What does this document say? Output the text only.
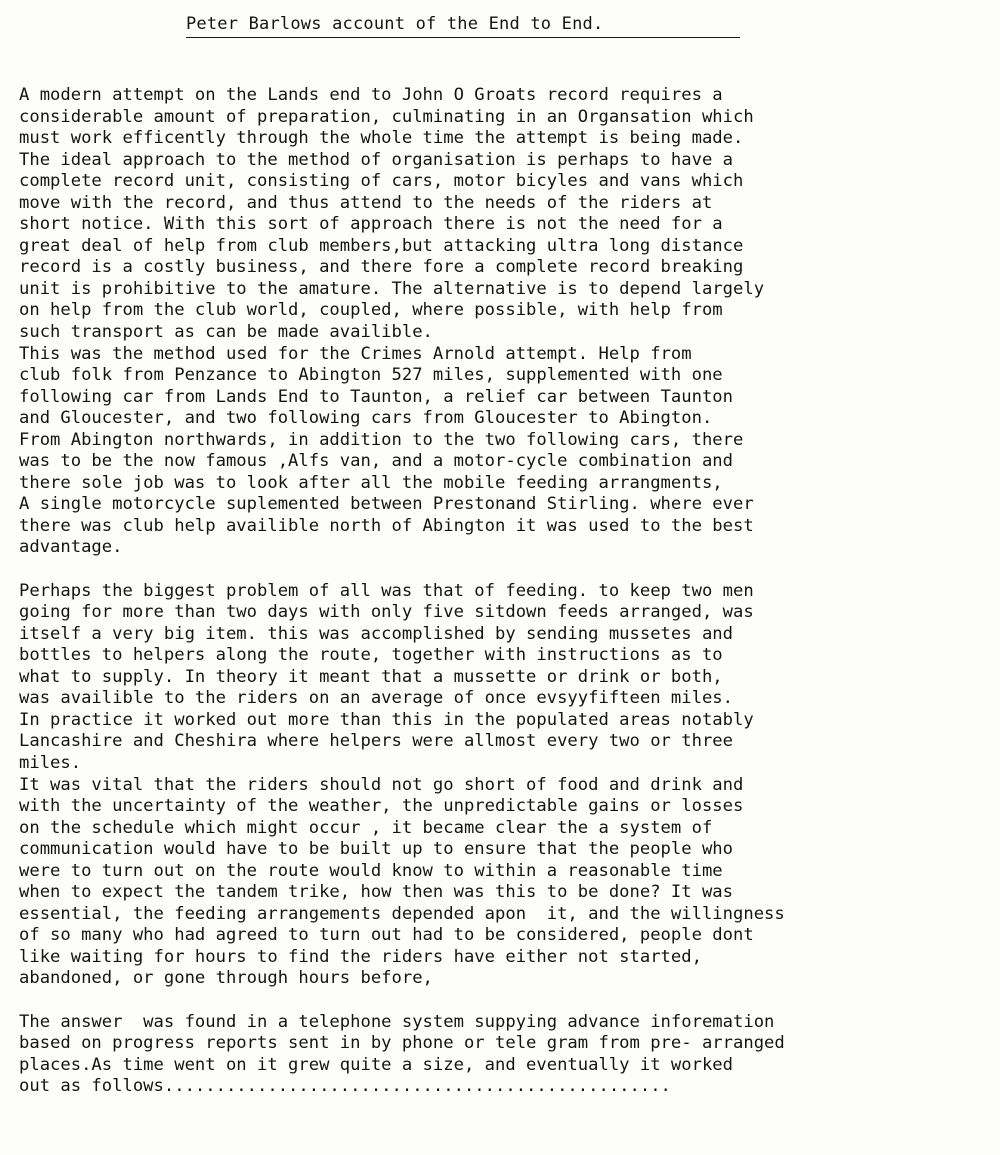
Peter Barlows account of the End to End.
A modern attempt on the Lands end to John O Groats record requires a
considerable amount of preparation, culminating in an Organsation which
must work efficently through the whole time the attempt is being made.
The ideal approach to the method of organisation is perhaps to have a
complete record unit, consisting of cars, motor bicyles and vans which
move with the record, and thus attend to the needs of the riders at
short notice. With this sort of approach there is not the need for a
great deal of help from club members,but attacking ultra long distance
record is a costly business, and there fore a complete record breaking
unit is prohibitive to the amature. The alternative is to depend largely
on help from the club world, coupled, where possible, with help from
such transport as can be made availible.
This was the method used for the Crimes Arnold attempt. Help from
club folk from Penzance to Abington 527 miles, supplemented with one
following car from Lands End to Taunton, a relief car between Taunton
and Gloucester, and two following cars from Gloucester to Abington.
From Abington northwards, in addition to the two following cars, there
was to be the now famous ,Alfs van, and a motor-cycle combination and
there sole job was to look after all the mobile feeding arrangments,
A single motorcycle suplemented between Prestonand Stirling. where ever
there was club help availible north of Abington it was used to the best
advantage.
Perhaps the biggest problem of all was that of feeding. to keep two men
going for more than two days with only five sitdown feeds arranged, was
itself a very big item. this was accomplished by sending mussetes and
bottles to helpers along the route, together with instructions as to
what to supply. In theory it meant that a mussette or drink or both,
was availible to the riders on an average of once evsyyfifteen miles.
In practice it worked out more than this in the populated areas notably
Lancashire and Cheshira where helpers were allmost every two or three
miles.
It was vital that the riders should not go short of food and drink and
with the uncertainty of the weather, the unpredictable gains or losses
on the schedule which might occur , it became clear the a system of
communication would have to be built up to ensure that the people who
were to turn out on the route would know to within a reasonable time
when to expect the tandem trike, how then was this to be done? It was
essential, the feeding arrangements depended apon  it, and the willingness
of so many who had agreed to turn out had to be considered, people dont
like waiting for hours to find the riders have either not started,
abandoned, or gone through hours before,
The answer  was found in a telephone system suppying advance inforemation
based on progress reports sent in by phone or tele gram from pre- arranged
places.As time went on it grew quite a size, and eventually it worked
out as follows.................................................
